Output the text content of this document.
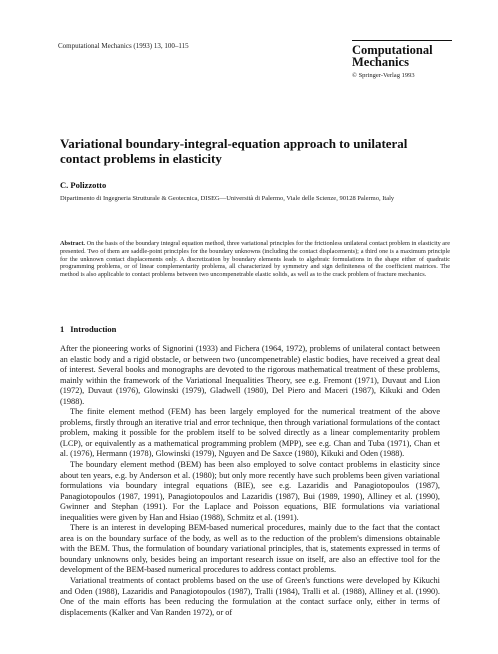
Computational Mechanics (1993) 13, 100–115	Computational
Mechanics
© Springer-Verlag 1993
Variational boundary-integral-equation approach to unilateral contact problems in elasticity
C. Polizzotto
Dipartimento di Ingegneria Strutturale & Geotecnica, DISEG—Università di Palermo, Viale delle Scienze, 90128 Palermo, Italy
Abstract. On the basis of the boundary integral equation method, three variational principles for the frictionless unilateral contact problem in elasticity are presented. Two of them are saddle-point principles for the boundary unknowns (including the contact displacements); a third one is a maximum principle for the unknown contact displacements only. A discretization by boundary elements leads to algebraic formulations in the shape either of quadratic programming problems, or of linear complementarity problems, all characterized by symmetry and sign definiteness of the coefficient matrices. The method is also applicable to contact problems between two uncompenetrable elastic solids, as well as to the crack problem of fracture mechanics.
1 Introduction

After the pioneering works of Signorini (1933) and Fichera (1964, 1972), problems of unilateral contact between an elastic body and a rigid obstacle, or between two (uncompenetrable) elastic bodies, have received a great deal of interest. Several books and monographs are devoted to the rigorous mathematical treatment of these problems, mainly within the framework of the Variational Inequalities Theory, see e.g. Fremont (1971), Duvaut and Lion (1972), Duvaut (1976), Glowinski (1979), Gladwell (1980), Del Piero and Maceri (1987), Kikuki and Oden (1988).

The finite element method (FEM) has been largely employed for the numerical treatment of the above problems, firstly through an iterative trial and error technique, then through variational formulations of the contact problem, making it possible for the problem itself to be solved directly as a linear complementarity problem (LCP), or equivalently as a mathematical programming problem (MPP), see e.g. Chan and Tuba (1971), Chan et al. (1976), Hermann (1978), Glowinski (1979), Nguyen and De Saxce (1980), Kikuki and Oden (1988).

The boundary element method (BEM) has been also employed to solve contact problems in elasticity since about ten years, e.g. by Anderson et al. (1980); but only more recently have such problems been given variational formulations via boundary integral equations (BIE), see e.g. Lazaridis and Panagiotopoulos (1987), Panagiotopoulos (1987, 1991), Panagiotopoulos and Lazaridis (1987), Bui (1989, 1990), Alliney et al. (1990), Gwinner and Stephan (1991). For the Laplace and Poisson equations, BIE formulations via variational inequalities were given by Han and Hsiao (1988), Schmitz et al. (1991).

There is an interest in developing BEM-based numerical procedures, mainly due to the fact that the contact area is on the boundary surface of the body, as well as to the reduction of the problem's dimensions obtainable with the BEM. Thus, the formulation of boundary variational principles, that is, statements expressed in terms of boundary unknowns only, besides being an important research issue on itself, are also an effective tool for the development of the BEM-based numerical procedures to address contact problems.

Variational treatments of contact problems based on the use of Green's functions were developed by Kikuchi and Oden (1988), Lazaridis and Panagiotopoulos (1987), Tralli (1984), Tralli et al. (1988), Alliney et al. (1990). One of the main efforts has been reducing the formulation at the contact surface only, either in terms of displacements (Kalker and Van Randen 1972), or of
